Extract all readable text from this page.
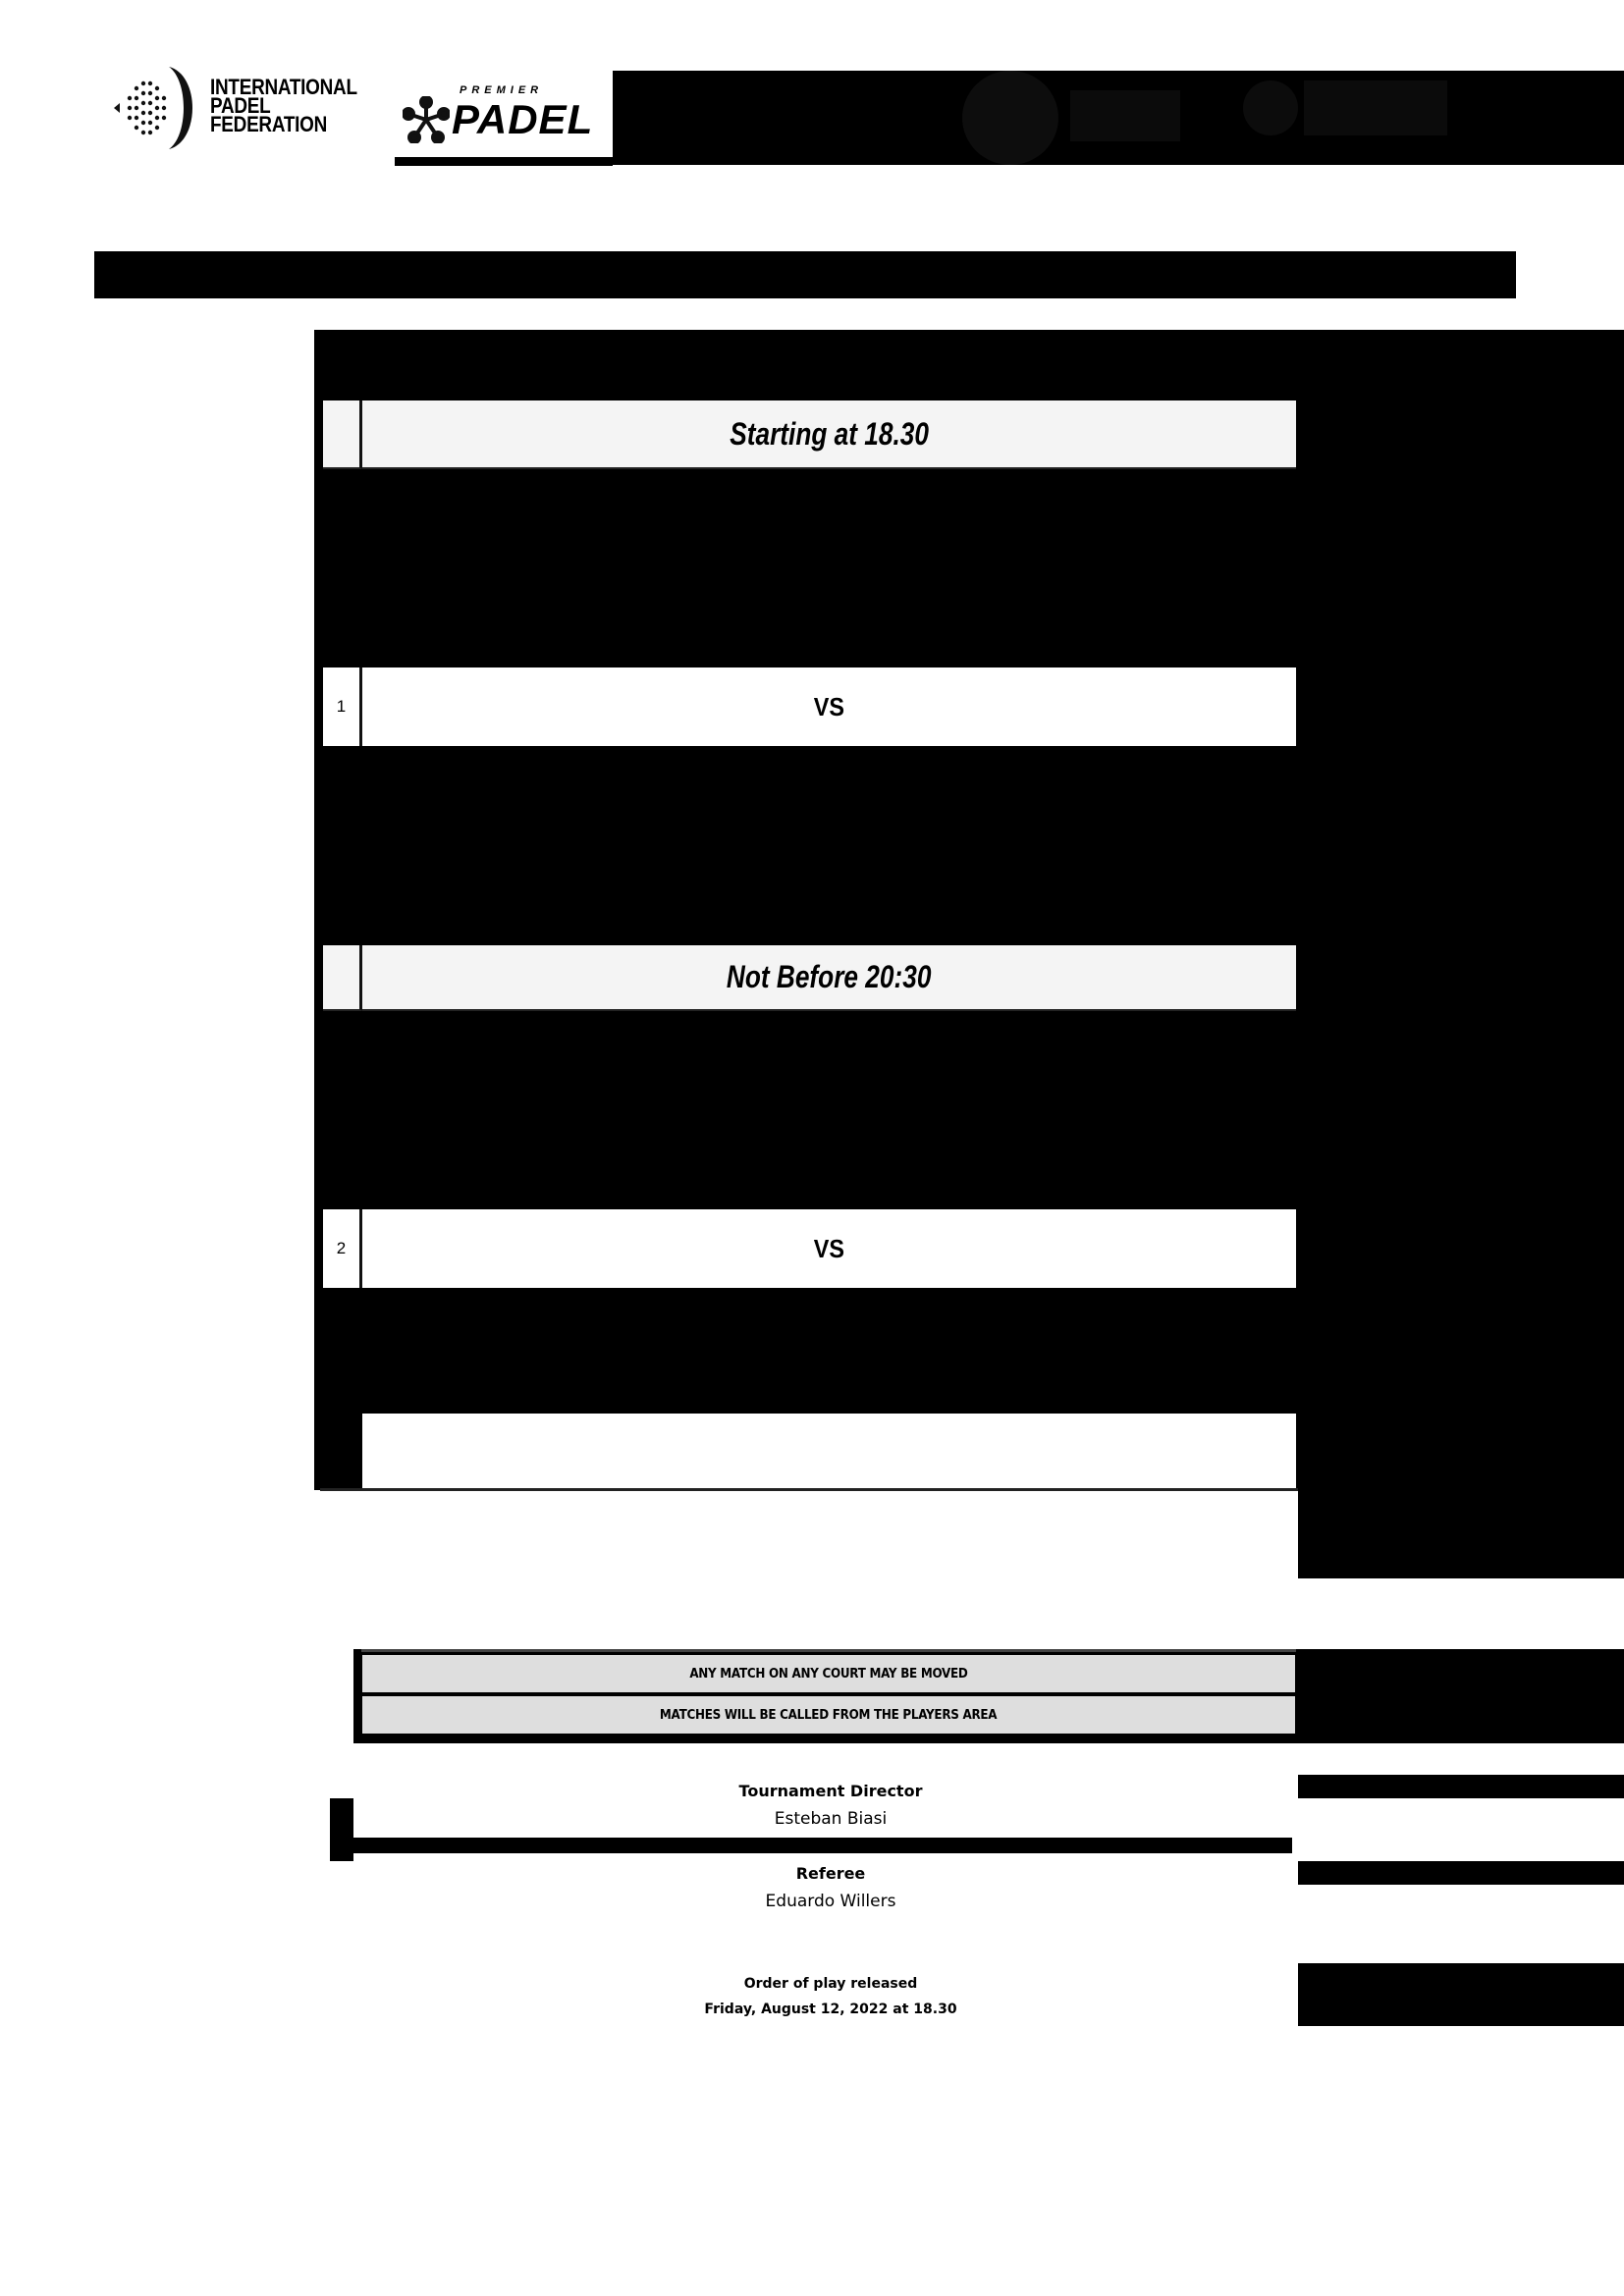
INTERNATIONAL
PADEL
FEDERATION
PREMIER
PADEL
Starting at 18.30
1	VS
Not Before 20:30
2	VS
ANY MATCH ON ANY COURT MAY BE MOVED
MATCHES WILL BE CALLED FROM THE PLAYERS AREA
Tournament Director
Esteban Biasi
Referee
Eduardo Willers
Order of play released
Friday, August 12, 2022 at 18.30
